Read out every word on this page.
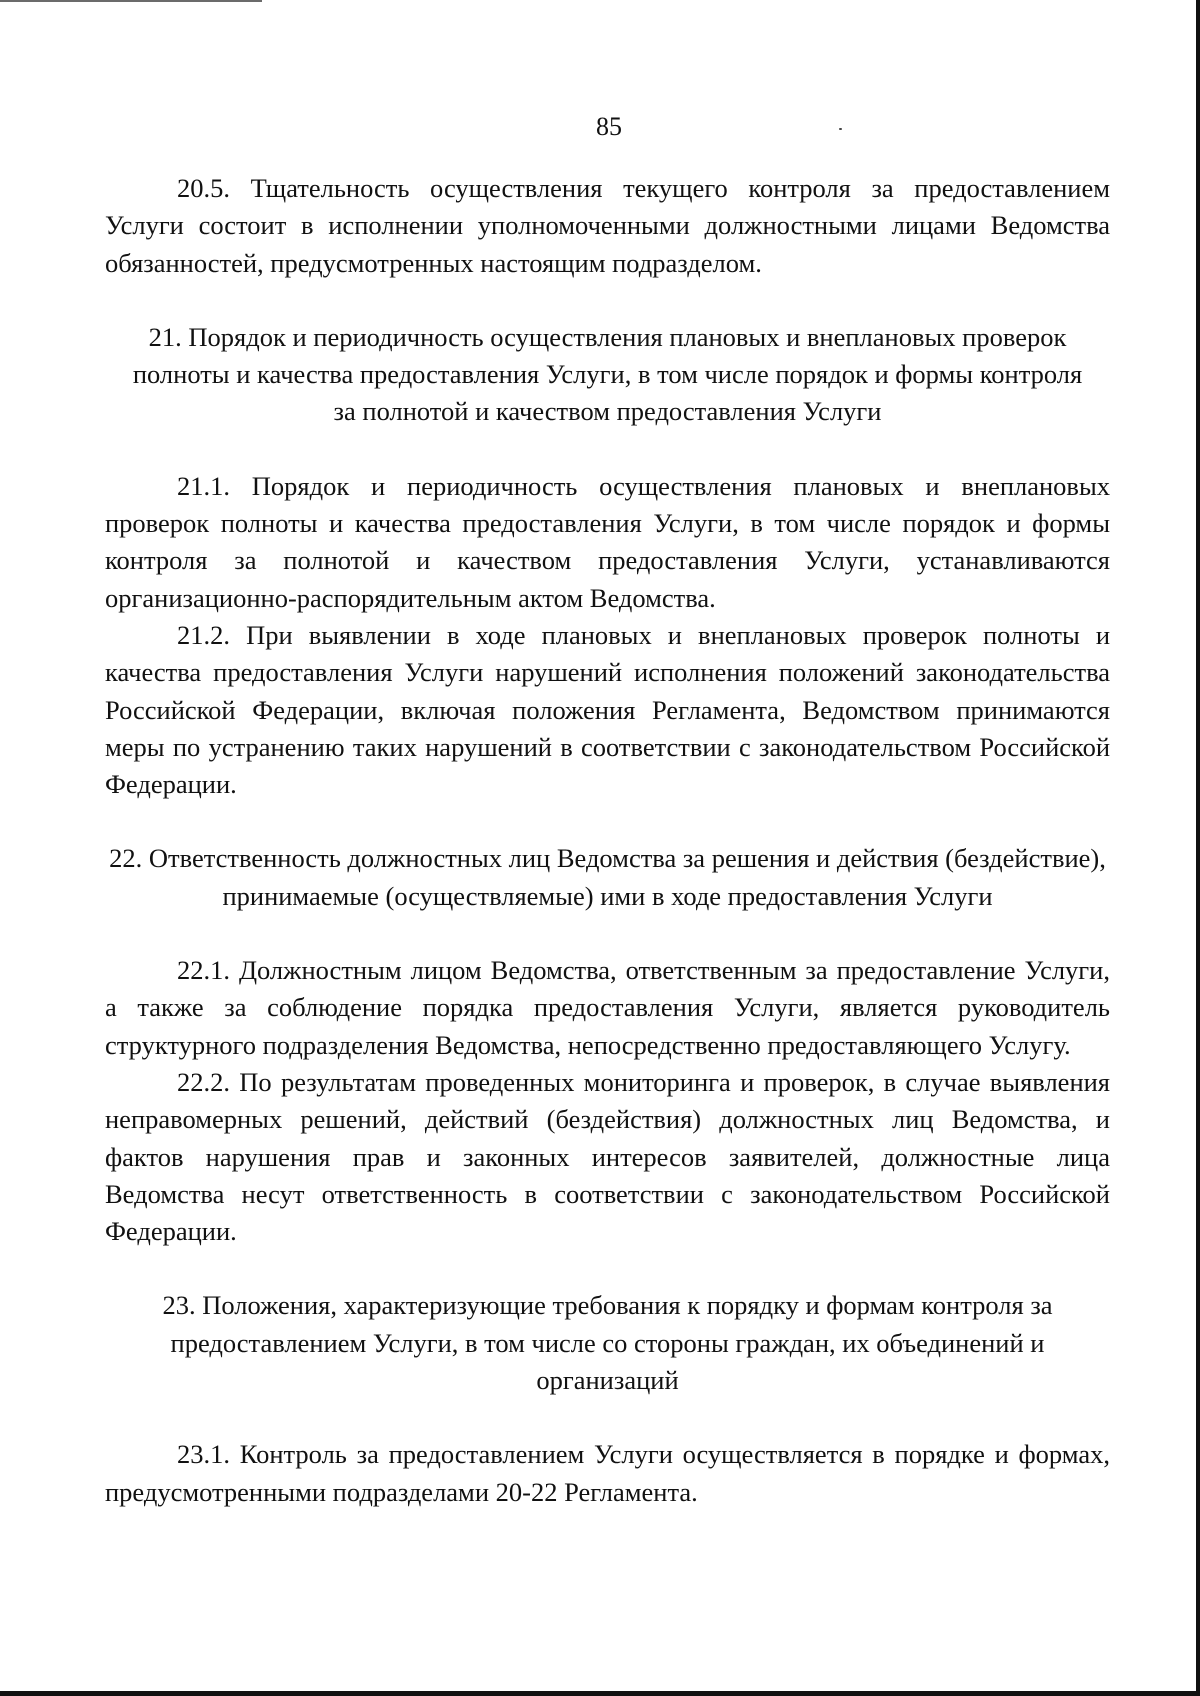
85

20.5. Тщательность осуществления текущего контроля за предоставлением Услуги состоит в исполнении уполномоченными должностными лицами Ведомства обязанностей, предусмотренных настоящим подразделом.

21. Порядок и периодичность осуществления плановых и внеплановых проверок полноты и качества предоставления Услуги, в том числе порядок и формы контроля за полнотой и качеством предоставления Услуги

21.1. Порядок и периодичность осуществления плановых и внеплановых проверок полноты и качества предоставления Услуги, в том числе порядок и формы контроля за полнотой и качеством предоставления Услуги, устанавливаются организационно-распорядительным актом Ведомства.

21.2. При выявлении в ходе плановых и внеплановых проверок полноты и качества предоставления Услуги нарушений исполнения положений законодательства Российской Федерации, включая положения Регламента, Ведомством принимаются меры по устранению таких нарушений в соответствии с законодательством Российской Федерации.

22. Ответственность должностных лиц Ведомства за решения и действия (бездействие), принимаемые (осуществляемые) ими в ходе предоставления Услуги

22.1. Должностным лицом Ведомства, ответственным за предоставление Услуги, а также за соблюдение порядка предоставления Услуги, является руководитель структурного подразделения Ведомства, непосредственно предоставляющего Услугу.

22.2. По результатам проведенных мониторинга и проверок, в случае выявления неправомерных решений, действий (бездействия) должностных лиц Ведомства, и фактов нарушения прав и законных интересов заявителей, должностные лица Ведомства несут ответственность в соответствии с законодательством Российской Федерации.

23. Положения, характеризующие требования к порядку и формам контроля за предоставлением Услуги, в том числе со стороны граждан, их объединений и организаций

23.1. Контроль за предоставлением Услуги осуществляется в порядке и формах, предусмотренными подразделами 20-22 Регламента.
